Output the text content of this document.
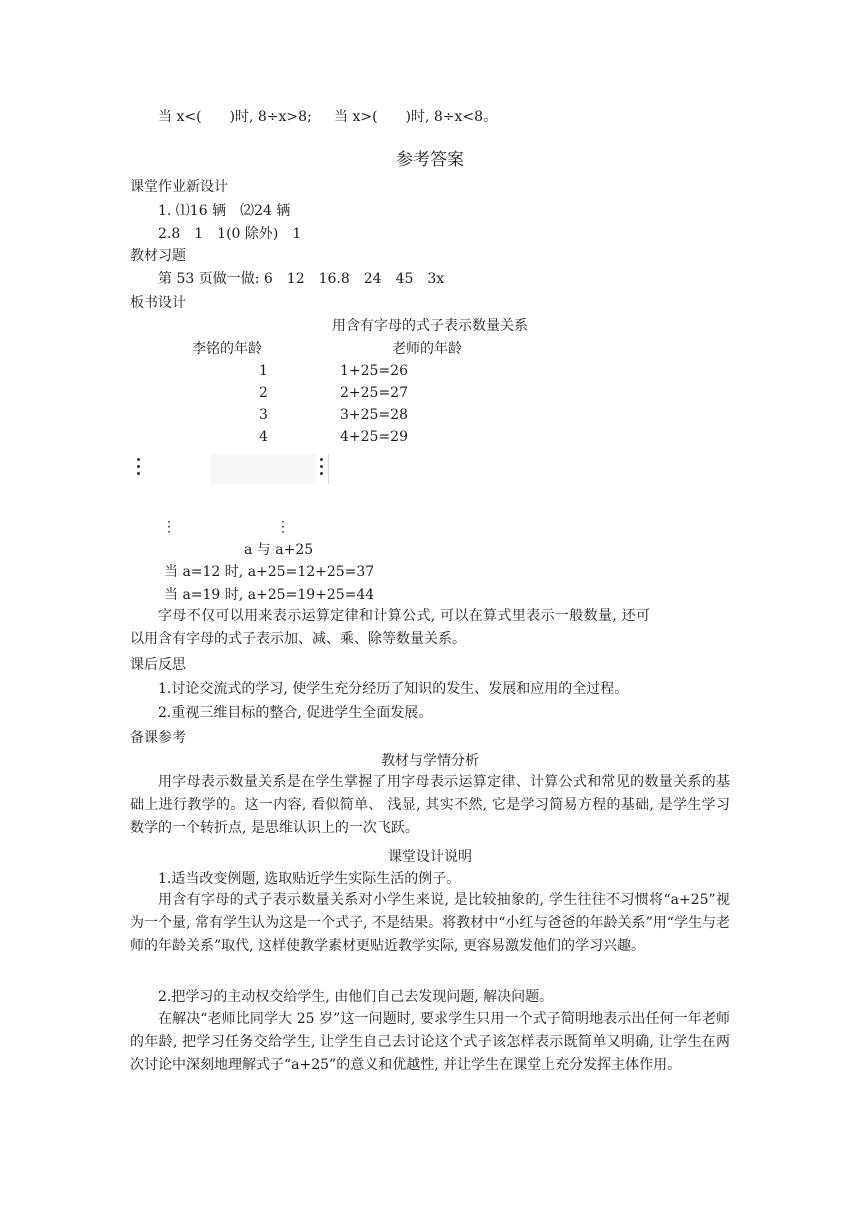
当 x<(　　)时, 8÷x>8; 当 x>(　　)时, 8÷x<8。
参考答案
课堂作业新设计
1. ⑴16 辆　⑵24 辆
2.8　1　1(0 除外)　1
教材习题
第 53 页做一做: 6　12　16.8　24　45　3x
板书设计
用含有字母的式子表示数量关系
李铭的年龄	老师的年龄
1	1+25=26
2	2+25=27
3	3+25=28
4	4+25=29
⋮	⋮
a 与 a+25
当 a=12 时, a+25=12+25=37
当 a=19 时, a+25=19+25=44
字母不仅可以用来表示运算定律和计算公式, 可以在算式里表示一般数量, 还可以用含有字母的式子表示加、减、乘、除等数量关系。
课后反思
1.讨论交流式的学习, 使学生充分经历了知识的发生、发展和应用的全过程。
2.重视三维目标的整合, 促进学生全面发展。
备课参考
教材与学情分析
用字母表示数量关系是在学生掌握了用字母表示运算定律、计算公式和常见的数量关系的基础上进行教学的。这一内容, 看似简单、 浅显, 其实不然, 它是学习简易方程的基础, 是学生学习数学的一个转折点, 是思维认识上的一次飞跃。
课堂设计说明
1.适当改变例题, 选取贴近学生实际生活的例子。
用含有字母的式子表示数量关系对小学生来说, 是比较抽象的, 学生往往不习惯将“a+25”视为一个量, 常有学生认为这是一个式子, 不是结果。将教材中“小红与爸爸的年龄关系”用“学生与老师的年龄关系”取代, 这样使教学素材更贴近教学实际, 更容易激发他们的学习兴趣。
2.把学习的主动权交给学生, 由他们自己去发现问题, 解决问题。
在解决“老师比同学大 25 岁”这一问题时, 要求学生只用一个式子简明地表示出任何一年老师的年龄, 把学习任务交给学生, 让学生自己去讨论这个式子该怎样表示既简单又明确, 让学生在两次讨论中深刻地理解式子“a+25”的意义和优越性, 并让学生在课堂上充分发挥主体作用。
